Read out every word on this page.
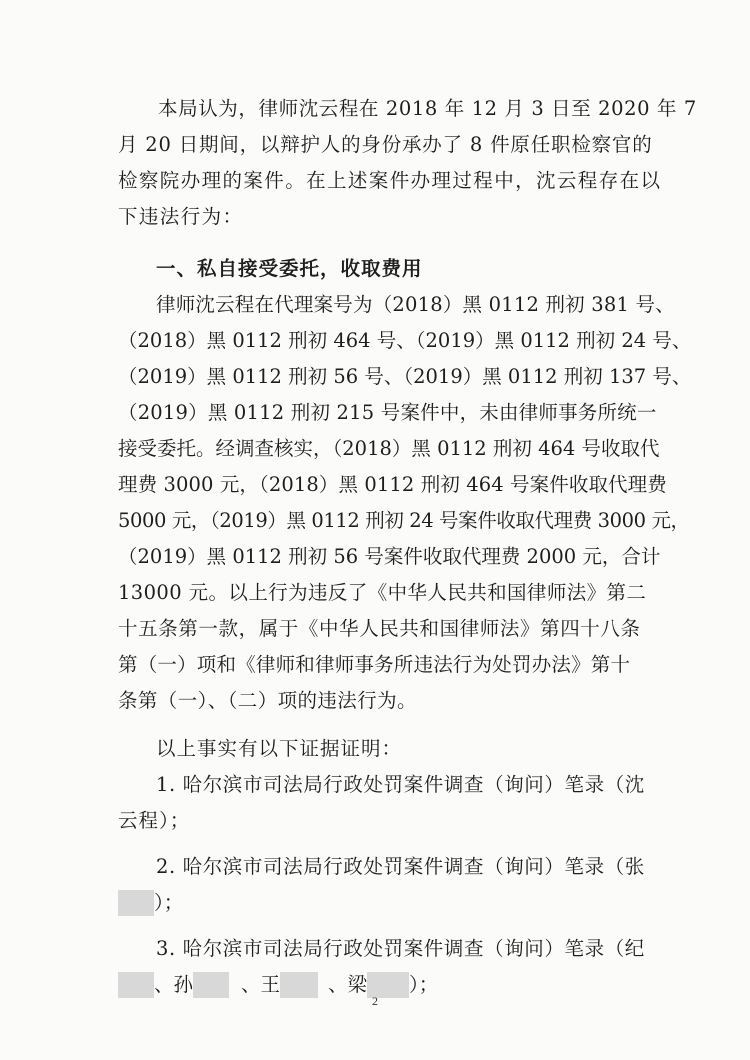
本局认为，律师沈云程在 2018 年 12 月 3 日至 2020 年 7
月 20 日期间，以辩护人的身份承办了 8 件原任职检察官的
检察院办理的案件。在上述案件办理过程中，沈云程存在以
下违法行为：
一、私自接受委托，收取费用
律师沈云程在代理案号为（2018）黑 0112 刑初 381 号、
（2018）黑 0112 刑初 464 号、（2019）黑 0112 刑初 24 号、
（2019）黑 0112 刑初 56 号、（2019）黑 0112 刑初 137 号、
（2019）黑 0112 刑初 215 号案件中，未由律师事务所统一
接受委托。经调查核实，（2018）黑 0112 刑初 464 号收取代
理费 3000 元，（2018）黑 0112 刑初 464 号案件收取代理费
5000 元，（2019）黑 0112 刑初 24 号案件收取代理费 3000 元，
（2019）黑 0112 刑初 56 号案件收取代理费 2000 元，合计
13000 元。以上行为违反了《中华人民共和国律师法》第二
十五条第一款，属于《中华人民共和国律师法》第四十八条
第（一）项和《律师和律师事务所违法行为处罚办法》第十
条第（一）、（二）项的违法行为。
以上事实有以下证据证明：
1. 哈尔滨市司法局行政处罚案件调查（询问）笔录（沈
云程）；
2. 哈尔滨市司法局行政处罚案件调查（询问）笔录（张
）；
3. 哈尔滨市司法局行政处罚案件调查（询问）笔录（纪
、孙 、王 、梁 ）；
2
